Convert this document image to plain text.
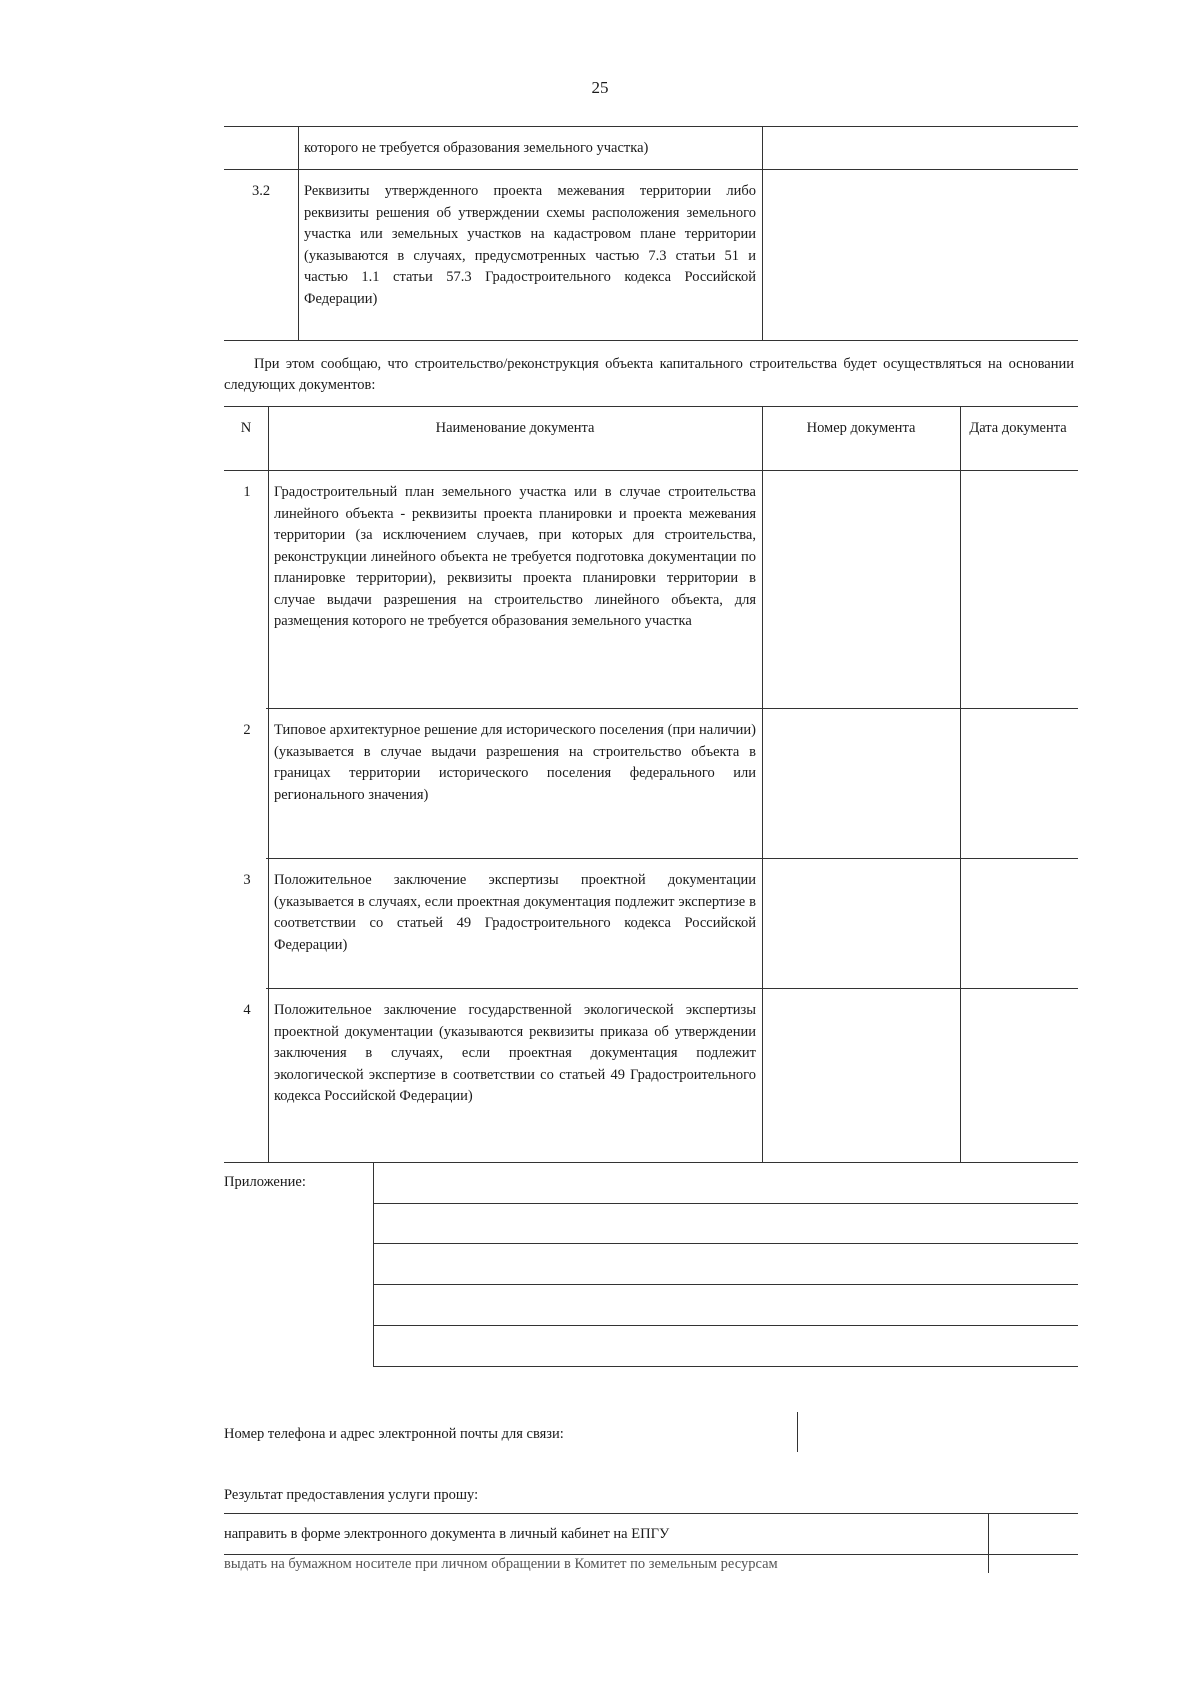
25
которого не требуется образования земельного участка)
3.2	Реквизиты утвержденного проекта межевания территории либо реквизиты решения об утверждении схемы расположения земельного участка или земельных участков на кадастровом плане территории (указываются в случаях, предусмотренных частью 7.3 статьи 51 и частью 1.1 статьи 57.3 Градостроительного кодекса Российской Федерации)
При этом сообщаю, что строительство/реконструкция объекта капитального строительства будет осуществляться на основании следующих документов:
N	Наименование документа	Номер документа	Дата документа
1	Градостроительный план земельного участка или в случае строительства линейного объекта - реквизиты проекта планировки и проекта межевания территории (за исключением случаев, при которых для строительства, реконструкции линейного объекта не требуется подготовка документации по планировке территории), реквизиты проекта планировки территории в случае выдачи разрешения на строительство линейного объекта, для размещения которого не требуется образования земельного участка
2	Типовое архитектурное решение для исторического поселения (при наличии) (указывается в случае выдачи разрешения на строительство объекта в границах территории исторического поселения федерального или регионального значения)
3	Положительное заключение экспертизы проектной документации (указывается в случаях, если проектная документация подлежит экспертизе в соответствии со статьей 49 Градостроительного кодекса Российской Федерации)
4	Положительное заключение государственной экологической экспертизы проектной документации (указываются реквизиты приказа об утверждении заключения в случаях, если проектная документация подлежит экологической экспертизе в соответствии со статьей 49 Градостроительного кодекса Российской Федерации)
Приложение:
Номер телефона и адрес электронной почты для связи:
Результат предоставления услуги прошу:
направить в форме электронного документа в личный кабинет на ЕПГУ
выдать на бумажном носителе при личном обращении в Комитет по земельным ресурсам
